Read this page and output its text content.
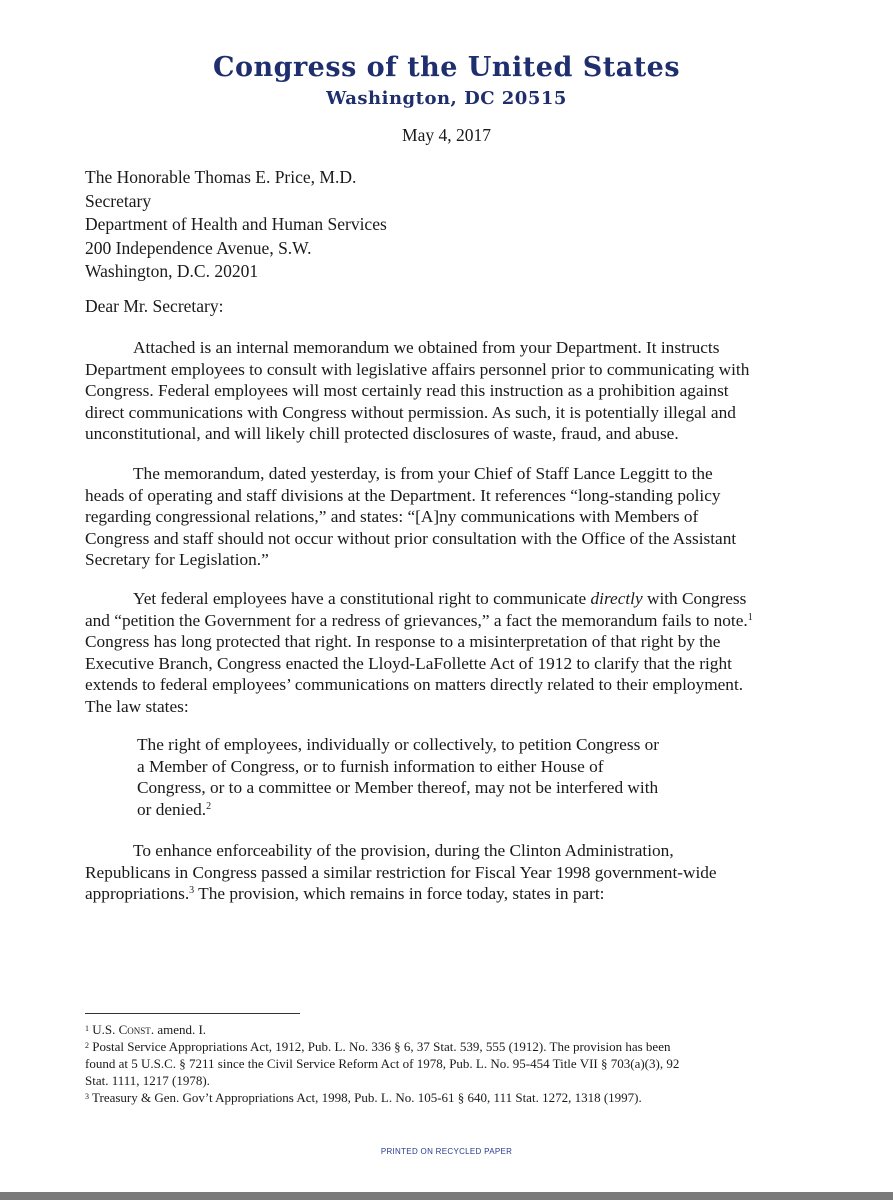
Congress of the United States
Washington, DC 20515
May 4, 2017
The Honorable Thomas E. Price, M.D.
Secretary
Department of Health and Human Services
200 Independence Avenue, S.W.
Washington, D.C. 20201
Dear Mr. Secretary:
Attached is an internal memorandum we obtained from your Department. It instructs
Department employees to consult with legislative affairs personnel prior to communicating with
Congress. Federal employees will most certainly read this instruction as a prohibition against
direct communications with Congress without permission. As such, it is potentially illegal and
unconstitutional, and will likely chill protected disclosures of waste, fraud, and abuse.
The memorandum, dated yesterday, is from your Chief of Staff Lance Leggitt to the
heads of operating and staff divisions at the Department. It references “long-standing policy
regarding congressional relations,” and states: “[A]ny communications with Members of
Congress and staff should not occur without prior consultation with the Office of the Assistant
Secretary for Legislation.”
Yet federal employees have a constitutional right to communicate directly with Congress
and “petition the Government for a redress of grievances,” a fact the memorandum fails to note.$^1$
Congress has long protected that right. In response to a misinterpretation of that right by the
Executive Branch, Congress enacted the Lloyd-LaFollette Act of 1912 to clarify that the right
extends to federal employees’ communications on matters directly related to their employment.
The law states:
The right of employees, individually or collectively, to petition Congress or
a Member of Congress, or to furnish information to either House of
Congress, or to a committee or Member thereof, may not be interfered with
or denied.$^2$
To enhance enforceability of the provision, during the Clinton Administration,
Republicans in Congress passed a similar restriction for Fiscal Year 1998 government-wide
appropriations.$^3$ The provision, which remains in force today, states in part:
$^1$ U.S. Const. amend. I.
$^2$ Postal Service Appropriations Act, 1912, Pub. L. No. 336 § 6, 37 Stat. 539, 555 (1912). The provision has been
found at 5 U.S.C. § 7211 since the Civil Service Reform Act of 1978, Pub. L. No. 95-454 Title VII § 703(a)(3), 92
Stat. 1111, 1217 (1978).
$^3$ Treasury & Gen. Gov’t Appropriations Act, 1998, Pub. L. No. 105-61 § 640, 111 Stat. 1272, 1318 (1997).
PRINTED ON RECYCLED PAPER
